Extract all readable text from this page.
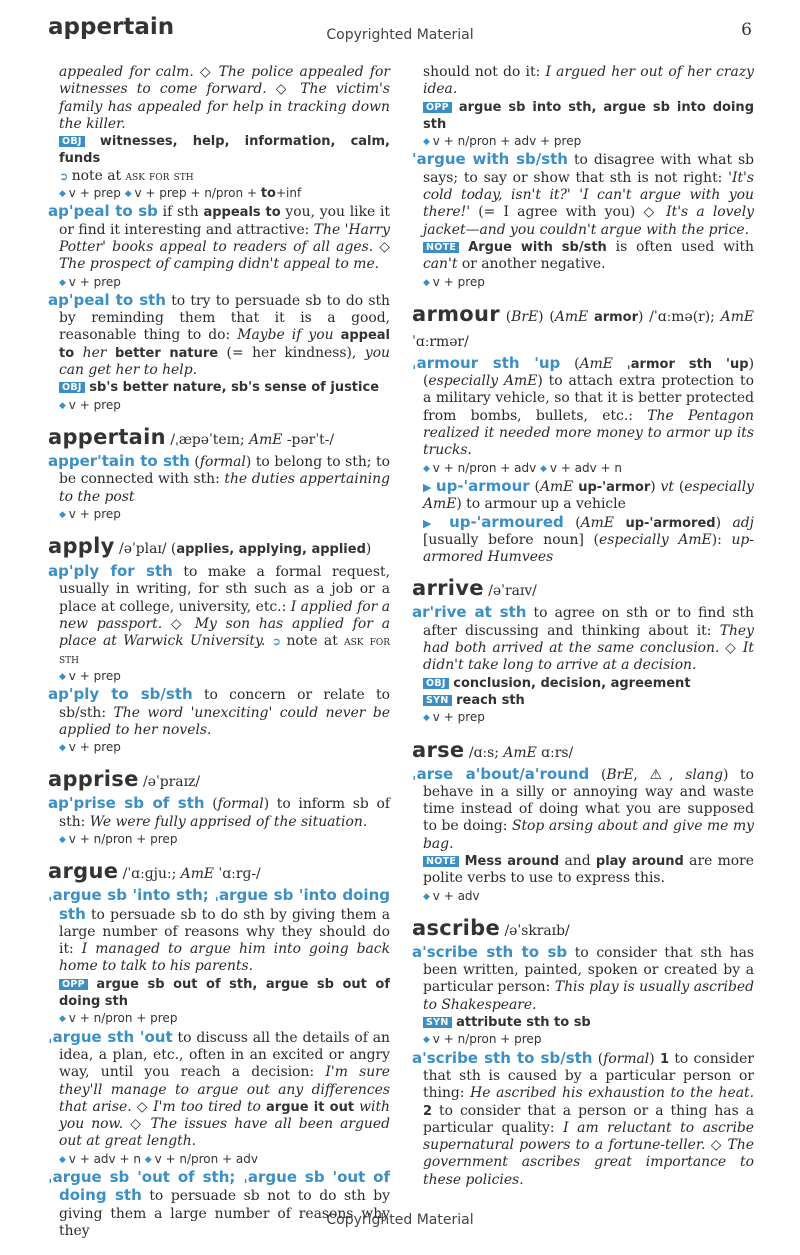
appertain	Copyrighted Material	6

appealed for calm. ◇ The police appealed for witnesses to come forward. ◇ The victim's family has appealed for help in tracking down the killer.

OBJ witnesses, help, information, calm, funds

➲ note at ask for sth

◆ v + prep ◆ v + prep + n/pron + to+inf

ap'peal to sb if sth appeals to you, you like it or find it interesting and attractive: The 'Harry Potter' books appeal to readers of all ages. ◇ The prospect of camping didn't appeal to me.

◆ v + prep

ap'peal to sth to try to persuade sb to do sth by reminding them that it is a good, reasonable thing to do: Maybe if you appeal to her better nature (= her kindness), you can get her to help.

OBJ sb's better nature, sb's sense of justice

◆ v + prep

appertain /ˌæpəˈteɪn; AmE -pərˈt-/

apper'tain to sth (formal) to belong to sth; to be connected with sth: the duties appertaining to the post

◆ v + prep

apply /əˈplaɪ/ (applies, applying, applied)

ap'ply for sth to make a formal request, usually in writing, for sth such as a job or a place at college, university, etc.: I applied for a new passport. ◇ My son has applied for a place at Warwick University. ➲ note at ask for sth

◆ v + prep

ap'ply to sb/sth to concern or relate to sb/sth: The word 'unexciting' could never be applied to her novels.

◆ v + prep

apprise /əˈpraɪz/

ap'prise sb of sth (formal) to inform sb of sth: We were fully apprised of the situation.

◆ v + n/pron + prep

argue /ˈɑːɡjuː; AmE ˈɑːrɡ-/

ˌargue sb 'into sth; ˌargue sb 'into doing sth to persuade sb to do sth by giving them a large number of reasons why they should do it: I managed to argue him into going back home to talk to his parents.

OPP argue sb out of sth, argue sb out of doing sth

◆ v + n/pron + prep

ˌargue sth 'out to discuss all the details of an idea, a plan, etc., often in an excited or angry way, until you reach a decision: I'm sure they'll manage to argue out any differences that arise. ◇ I'm too tired to argue it out with you now. ◇ The issues have all been argued out at great length.

◆ v + adv + n ◆ v + n/pron + adv

ˌargue sb 'out of sth; ˌargue sb 'out of doing sth to persuade sb not to do sth by giving them a large number of reasons why they

should not do it: I argued her out of her crazy idea.

OPP argue sb into sth, argue sb into doing sth

◆ v + n/pron + adv + prep

'argue with sb/sth to disagree with what sb says; to say or show that sth is not right: 'It's cold today, isn't it?' 'I can't argue with you there!' (= I agree with you) ◇ It's a lovely jacket—and you couldn't argue with the price.

NOTE Argue with sb/sth is often used with can't or another negative.

◆ v + prep

armour (BrE) (AmE armor) /ˈɑːmə(r); AmE ˈɑːrmər/

ˌarmour sth 'up (AmE ˌarmor sth 'up) (especially AmE) to attach extra protection to a military vehicle, so that it is better protected from bombs, bullets, etc.: The Pentagon realized it needed more money to armor up its trucks.

◆ v + n/pron + adv ◆ v + adv + n

▶ up-'armour (AmE up-'armor) vt (especially AmE) to armour up a vehicle

▶ up-'armoured (AmE up-'armored) adj [usually before noun] (especially AmE): up-armored Humvees

arrive /əˈraɪv/

ar'rive at sth to agree on sth or to find sth after discussing and thinking about it: They had both arrived at the same conclusion. ◇ It didn't take long to arrive at a decision.

OBJ conclusion, decision, agreement

SYN reach sth

◆ v + prep

arse /ɑːs; AmE ɑːrs/

ˌarse a'bout/a'round (BrE, ⚠, slang) to behave in a silly or annoying way and waste time instead of doing what you are supposed to be doing: Stop arsing about and give me my bag.

NOTE Mess around and play around are more polite verbs to use to express this.

◆ v + adv

ascribe /əˈskraɪb/

a'scribe sth to sb to consider that sth has been written, painted, spoken or created by a particular person: This play is usually ascribed to Shakespeare.

SYN attribute sth to sb

◆ v + n/pron + prep

a'scribe sth to sb/sth (formal) 1 to consider that sth is caused by a particular person or thing: He ascribed his exhaustion to the heat. 2 to consider that a person or a thing has a particular quality: I am reluctant to ascribe supernatural powers to a fortune-teller. ◇ The government ascribes great importance to these policies.

Copyrighted Material
